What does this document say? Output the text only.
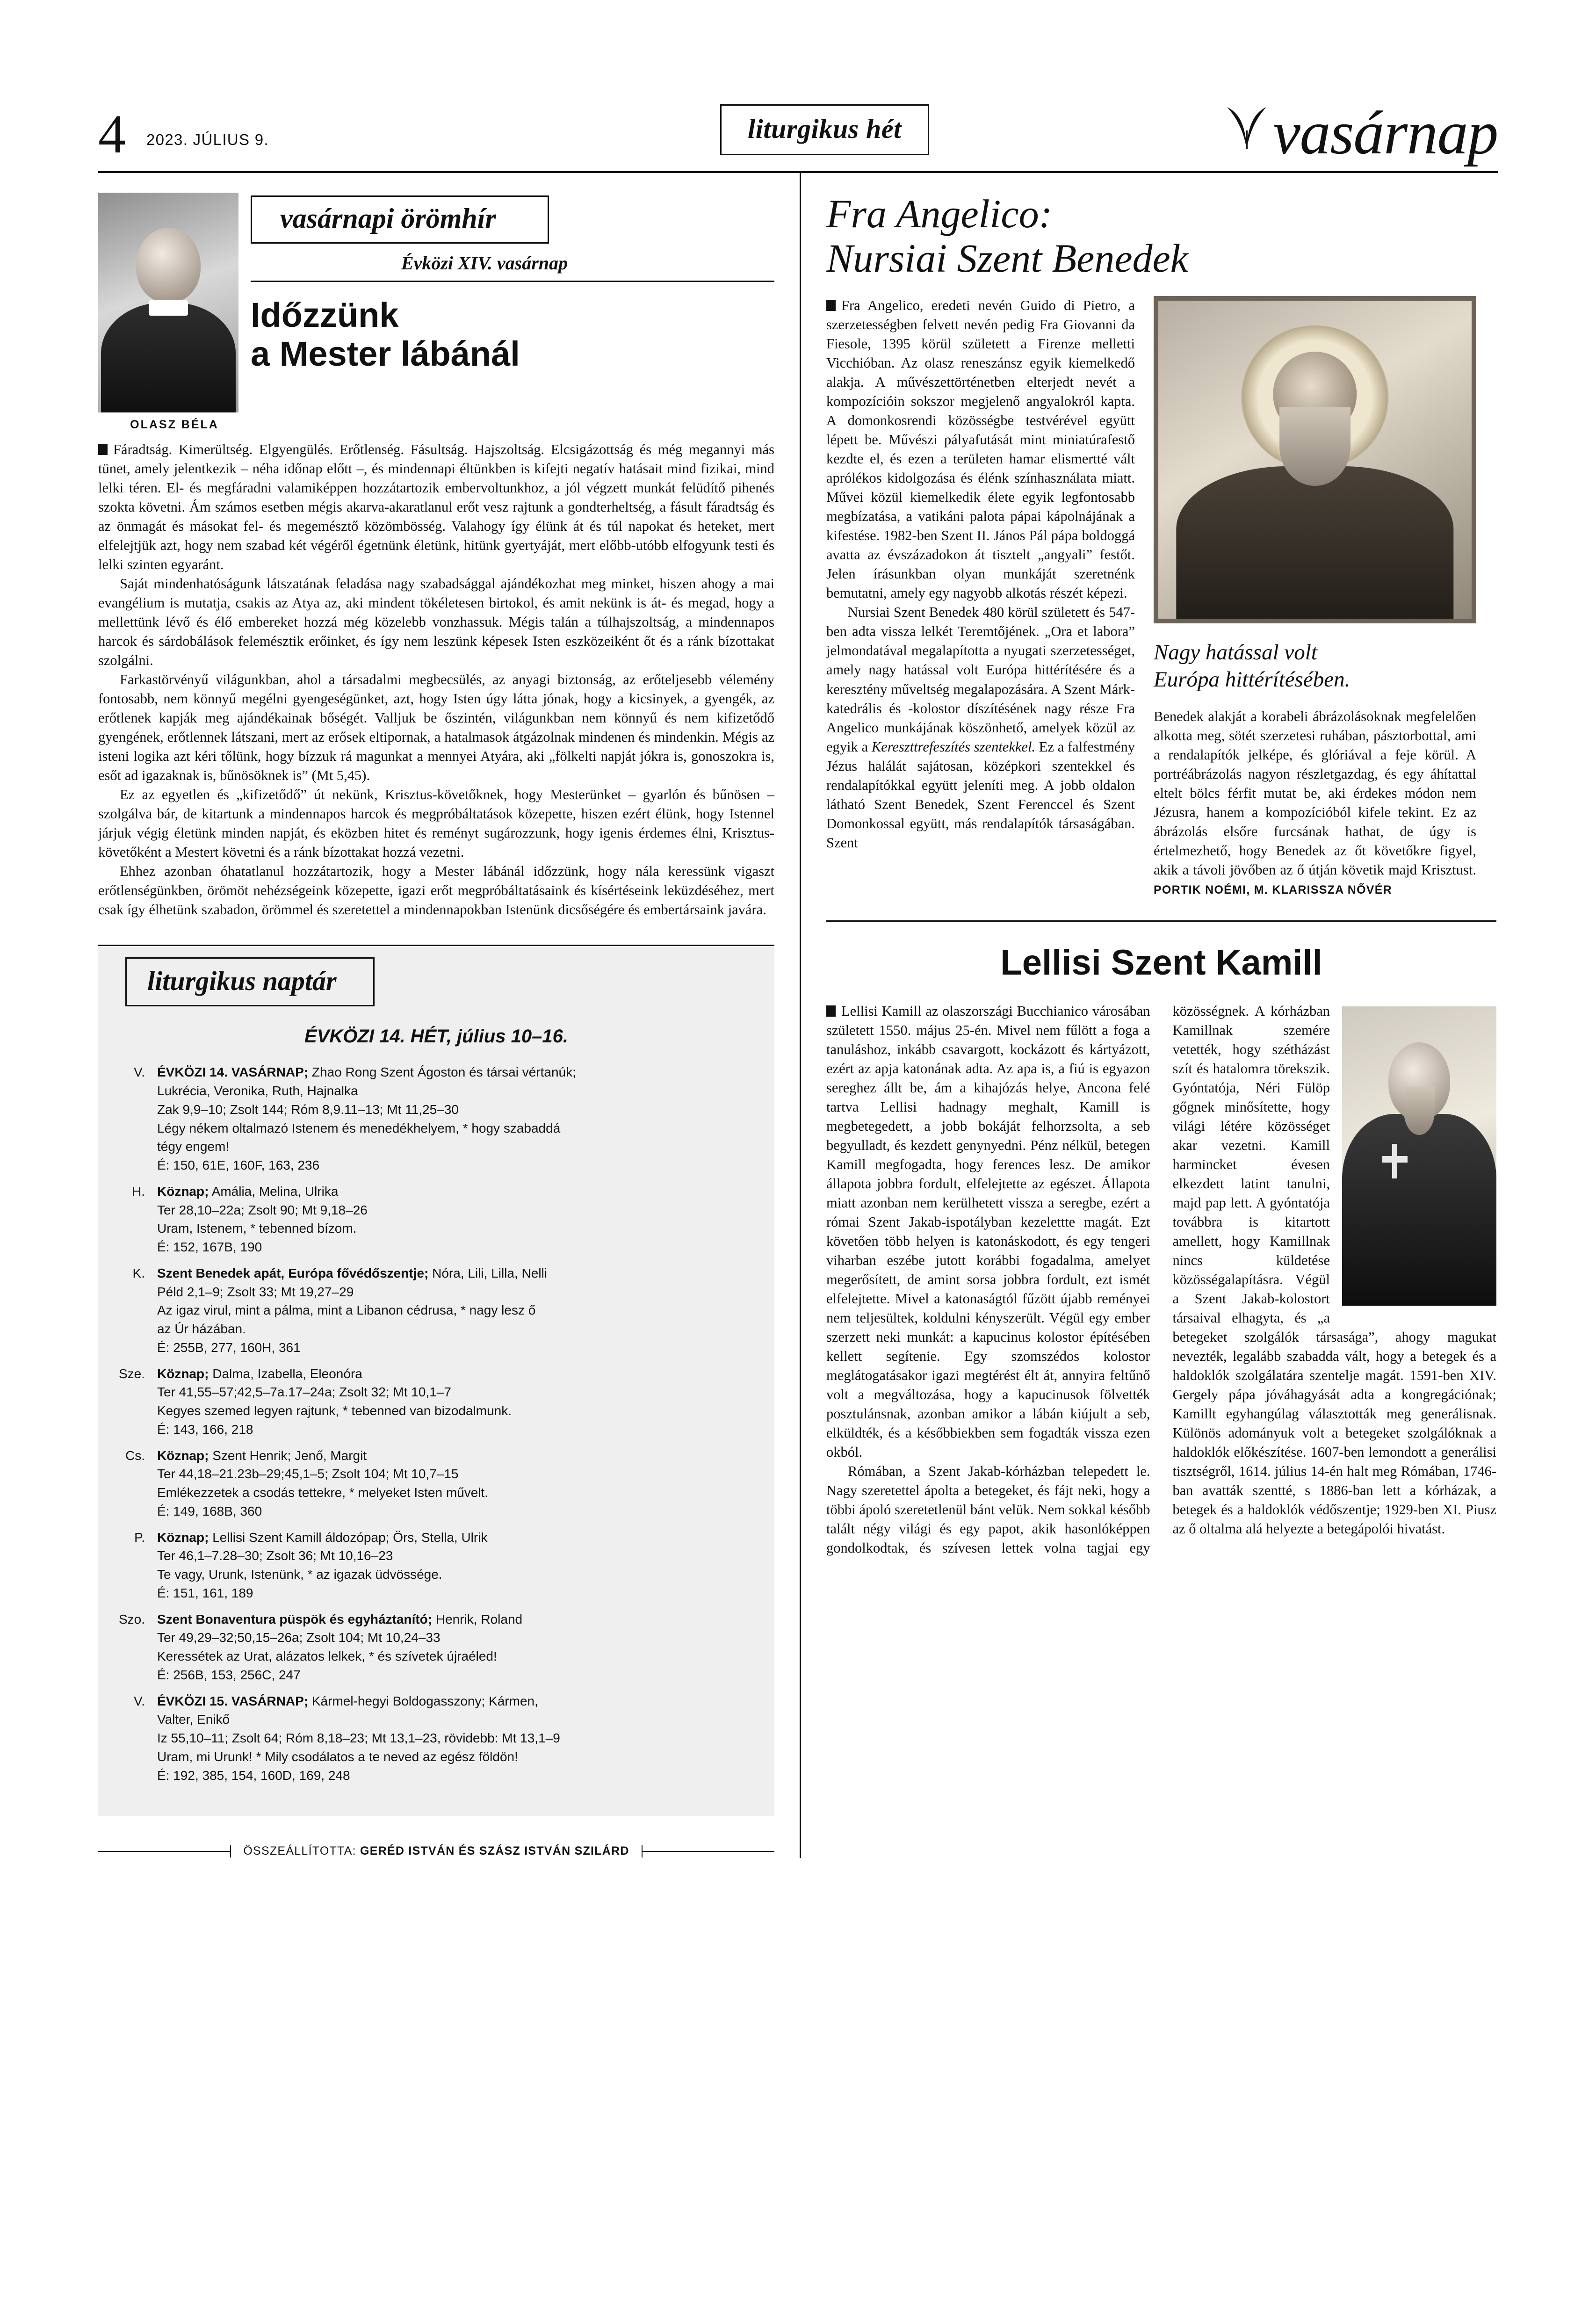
4 2023. JÚLIUS 9.	liturgikus hét	vasárnap
OLASZ BÉLA
vasárnapi örömhír
Évközi XIV. vasárnap
Időzzünk
a Mester lábánál

Fáradtság. Kimerültség. Elgyengülés. Erőtlenség. Fásultság. Hajszoltság. Elcsigázottság és még megannyi más tünet, amely jelentkezik – néha időnap előtt –, és mindennapi éltünkben is kifejti negatív hatásait mind fizikai, mind lelki téren. El- és megfáradni valamiképpen hozzátartozik embervoltunkhoz, a jól végzett munkát felüdítő pihenés szokta követni. Ám számos esetben mégis akarva-akaratlanul erőt vesz rajtunk a gondterheltség, a fásult fáradtság és az önmagát és másokat fel- és megemésztő közömbösség. Valahogy így élünk át és túl napokat és heteket, mert elfelejtjük azt, hogy nem szabad két végéről égetnünk életünk, hitünk gyertyáját, mert előbb-utóbb elfogyunk testi és lelki szinten egyaránt.

Saját mindenhatóságunk látszatának feladása nagy szabadsággal ajándékozhat meg minket, hiszen ahogy a mai evangélium is mutatja, csakis az Atya az, aki mindent tökéletesen birtokol, és amit nekünk is át- és megad, hogy a mellettünk lévő és élő embereket hozzá még közelebb vonzhassuk. Mégis talán a túlhajszoltság, a mindennapos harcok és sárdobálások felemésztik erőinket, és így nem leszünk képesek Isten eszközeiként őt és a ránk bízottakat szolgálni.

Farkastörvényű világunkban, ahol a társadalmi megbecsülés, az anyagi biztonság, az erőteljesebb vélemény fontosabb, nem könnyű megélni gyengeségünket, azt, hogy Isten úgy látta jónak, hogy a kicsinyek, a gyengék, az erőtlenek kapják meg ajándékainak bőségét. Valljuk be őszintén, világunkban nem könnyű és nem kifizetődő gyengének, erőtlennek látszani, mert az erősek eltipornak, a hatalmasok átgázolnak mindenen és mindenkin. Mégis az isteni logika azt kéri tőlünk, hogy bízzuk rá magunkat a mennyei Atyára, aki „fölkelti napját jókra is, gonoszokra is, esőt ad igazaknak is, bűnösöknek is” (Mt 5,45).

Ez az egyetlen és „kifizetődő” út nekünk, Krisztus-követőknek, hogy Mesterünket – gyarlón és bűnösen – szolgálva bár, de kitartunk a mindennapos harcok és megpróbáltatások közepette, hiszen ezért élünk, hogy Istennel járjuk végig életünk minden napját, és eközben hitet és reményt sugározzunk, hogy igenis érdemes élni, Krisztus-követőként a Mestert követni és a ránk bízottakat hozzá vezetni.

Ehhez azonban óhatatlanul hozzátartozik, hogy a Mester lábánál időzzünk, hogy nála keressünk vigaszt erőtlenségünkben, örömöt nehézségeink közepette, igazi erőt megpróbáltatásaink és kísértéseink leküzdéséhez, mert csak így élhetünk szabadon, örömmel és szeretettel a mindennapokban Istenünk dicsőségére és embertársaink javára.

liturgikus naptár
ÉVKÖZI 14. HÉT, július 10–16.
V. ÉVKÖZI 14. VASÁRNAP; Zhao Rong Szent Ágoston és társai vértanúk;
Lukrécia, Veronika, Ruth, Hajnalka
Zak 9,9–10; Zsolt 144; Róm 8,9.11–13; Mt 11,25–30
Légy nékem oltalmazó Istenem és menedékhelyem, * hogy szabaddá
tégy engem!
É: 150, 61E, 160F, 163, 236
H. Köznap; Amália, Melina, Ulrika
Ter 28,10–22a; Zsolt 90; Mt 9,18–26
Uram, Istenem, * tebenned bízom.
É: 152, 167B, 190
K. Szent Benedek apát, Európa fővédőszentje; Nóra, Lili, Lilla, Nelli
Péld 2,1–9; Zsolt 33; Mt 19,27–29
Az igaz virul, mint a pálma, mint a Libanon cédrusa, * nagy lesz ő
az Úr házában.
É: 255B, 277, 160H, 361
Sze. Köznap; Dalma, Izabella, Eleonóra
Ter 41,55–57;42,5–7a.17–24a; Zsolt 32; Mt 10,1–7
Kegyes szemed legyen rajtunk, * tebenned van bizodalmunk.
É: 143, 166, 218
Cs. Köznap; Szent Henrik; Jenő, Margit
Ter 44,18–21.23b–29;45,1–5; Zsolt 104; Mt 10,7–15
Emlékezzetek a csodás tettekre, * melyeket Isten művelt.
É: 149, 168B, 360
P. Köznap; Lellisi Szent Kamill áldozópap; Örs, Stella, Ulrik
Ter 46,1–7.28–30; Zsolt 36; Mt 10,16–23
Te vagy, Urunk, Istenünk, * az igazak üdvössége.
É: 151, 161, 189
Szo. Szent Bonaventura püspök és egyháztanító; Henrik, Roland
Ter 49,29–32;50,15–26a; Zsolt 104; Mt 10,24–33
Keressétek az Urat, alázatos lelkek, * és szívetek újraéled!
É: 256B, 153, 256C, 247
V. ÉVKÖZI 15. VASÁRNAP; Kármel-hegyi Boldogasszony; Kármen,
Valter, Enikő
Iz 55,10–11; Zsolt 64; Róm 8,18–23; Mt 13,1–23, rövidebb: Mt 13,1–9
Uram, mi Urunk! * Mily csodálatos a te neved az egész földön!
É: 192, 385, 154, 160D, 169, 248
ÖSSZEÁLLÍTOTTA: GERÉD ISTVÁN ÉS SZÁSZ ISTVÁN SZILÁRD
Fra Angelico:
Nursiai Szent Benedek

Fra Angelico, eredeti nevén Guido di Pietro, a szerzetességben felvett nevén pedig Fra Giovanni da Fiesole, 1395 körül született a Firenze melletti Vicchióban. Az olasz reneszánsz egyik kiemelkedő alakja. A művészettörténetben elterjedt nevét a kompozícióin sokszor megjelenő angyalokról kapta. A domonkosrendi közösségbe testvérével együtt lépett be. Művészi pályafutását mint miniatúrafestő kezdte el, és ezen a területen hamar elismertté vált aprólékos kidolgozása és élénk színhasználata miatt. Művei közül kiemelkedik élete egyik legfontosabb megbízatása, a vatikáni palota pápai kápolnájának a kifestése. 1982-ben Szent II. János Pál pápa boldoggá avatta az évszázadokon át tisztelt „angyali” festőt. Jelen írásunkban olyan munkáját szeretnénk bemutatni, amely egy nagyobb alkotás részét képezi.

Nursiai Szent Benedek 480 körül született és 547-ben adta vissza lelkét Teremtőjének. „Ora et labora” jelmondatával megalapította a nyugati szerzetességet, amely nagy hatással volt Európa hittérítésére és a keresztény műveltség megalapozására. A Szent Márk-katedrális és -kolostor díszítésének nagy része Fra Angelico munkájának köszönhető, amelyek közül az egyik a Kereszttrefeszítés szentekkel. Ez a falfestmény Jézus halálát sajátosan, középkori szentekkel és rendalapítókkal együtt jeleníti meg. A jobb oldalon látható Szent Benedek, Szent Ferenccel és Szent Domonkossal együtt, más rendalapítók társaságában. Szent

Nagy hatással volt
Európa hittérítésében.

Benedek alakját a korabeli ábrázolásoknak megfelelően alkotta meg, sötét szerzetesi ruhában, pásztorbottal, ami a rendalapítók jelképe, és glóriával a feje körül. A portréábrázolás nagyon részletgazdag, és egy áhítattal eltelt bölcs férfit mutat be, aki érdekes módon nem Jézusra, hanem a kompozícióból kifele tekint. Ez az ábrázolás elsőre furcsának hathat, de úgy is értelmezhető, hogy Benedek az őt követőkre figyel, akik a távoli jövőben az ő útján követik majd Krisztust. PORTIK NOÉMI, M. KLARISSZA NŐVÉR

Lellisi Szent Kamill

Lellisi Kamill az olaszországi Bucchianico városában született 1550. május 25-én. Mivel nem fűlött a foga a tanuláshoz, inkább csavargott, kockázott és kártyázott, ezért az apja katonának adta. Az apa is, a fiú is egyazon sereghez állt be, ám a kihajózás helye, Ancona felé tartva Lellisi hadnagy meghalt, Kamill is megbetegedett, a jobb bokáját felhorzsolta, a seb begyulladt, és kezdett genynyedni. Pénz nélkül, betegen Kamill megfogadta, hogy ferences lesz. De amikor állapota jobbra fordult, elfelejtette az egészet. Állapota miatt azonban nem kerülhetett vissza a seregbe, ezért a római Szent Jakab-ispotályban kezelettte magát. Ezt követően több helyen is katonáskodott, és egy tengeri viharban eszébe jutott korábbi fogadalma, amelyet megerősített, de amint sorsa jobbra fordult, ezt ismét elfelejtette. Mivel a katonaságtól fűzött újabb reményei nem teljesültek, koldulni kényszerült. Végül egy ember szerzett neki munkát: a kapucinus kolostor építésében kellett segítenie. Egy szomszédos kolostor meglátogatásakor igazi megtérést élt át, annyira feltűnő volt a megváltozása, hogy a kapucinusok fölvették posztulánsnak, azonban amikor a lábán kiújult a seb, elküldték, és a későbbiekben sem fogadták vissza ezen okból.

Rómában, a Szent Jakab-kórházban telepedett le. Nagy szeretettel ápolta a betegeket, és fájt neki, hogy a többi ápoló szeretetlenül bánt velük. Nem sokkal később talált négy világi és egy papot, akik hasonlóképpen gondolkodtak, és szívesen lettek volna tagjai egy közösségnek. A kórházban Kamillnak szemére vetették, hogy szétházást szít és hatalomra törekszik. Gyóntatója, Néri Fülöp gőgnek minősítette, hogy világi létére közösséget akar vezetni. Kamill harmincket évesen elkezdett latint tanulni, majd pap lett. A gyóntatója továbbra is kitartott amellett, hogy Kamillnak nincs küldetése közösségalapításra. Végül a Szent Jakab-kolostort társaival elhagyta, és „a betegeket szolgálók társasága”, ahogy magukat nevezték, legalább szabadda vált, hogy a betegek és a haldoklók szolgálatára szentelje magát. 1591-ben XIV. Gergely pápa jóváhagyását adta a kongregációnak; Kamillt egyhangúlag választották meg generálisnak. Különös adományuk volt a betegeket szolgálóknak a haldoklók előkészítése. 1607-ben lemondott a generálisi tisztségről, 1614. július 14-én halt meg Rómában, 1746-ban avatták szentté, s 1886-ban lett a kórházak, a betegek és a haldoklók védőszentje; 1929-ben XI. Piusz az ő oltalma alá helyezte a betegápolói hivatást.
